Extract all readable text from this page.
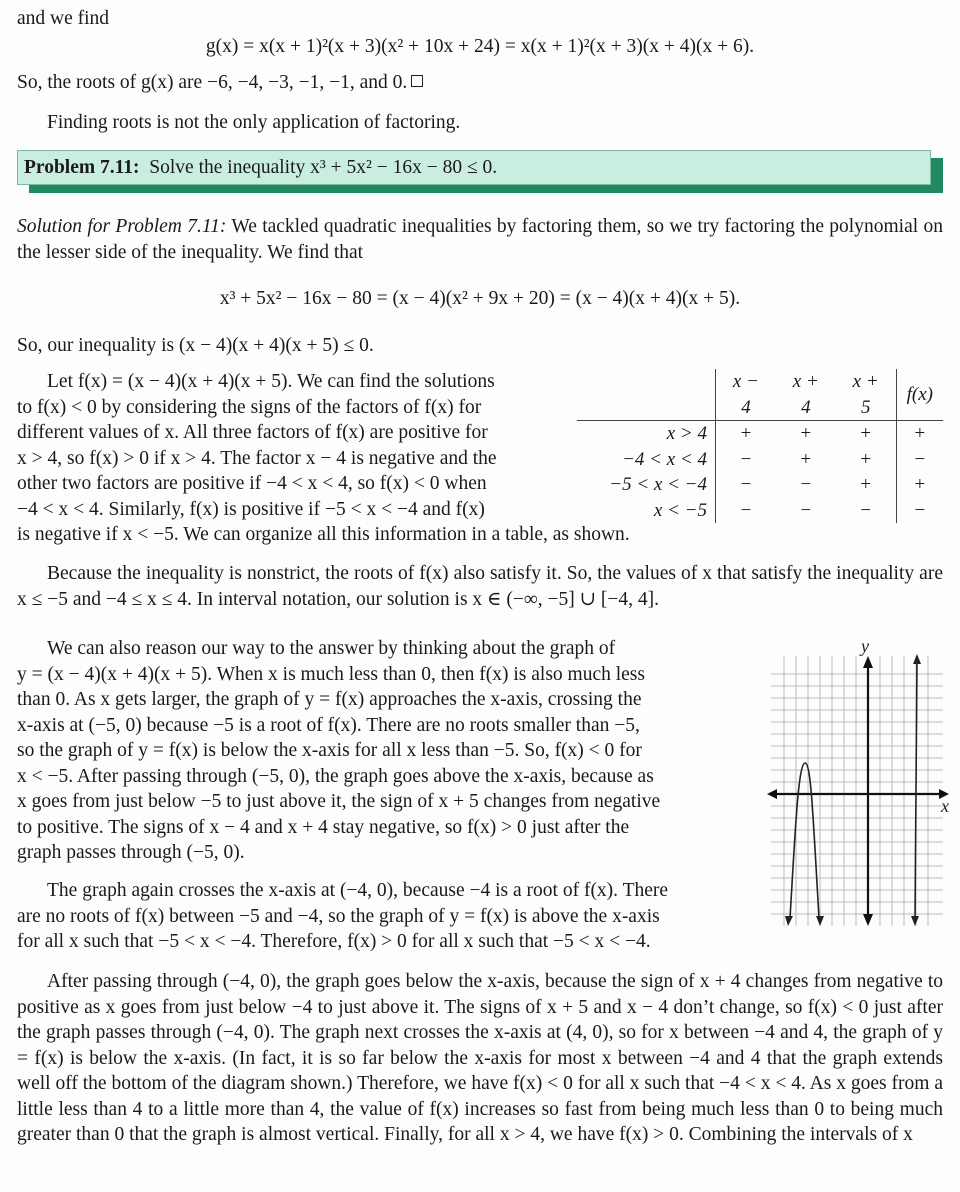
and we find

g(x) = x(x + 1)²(x + 3)(x² + 10x + 24) = x(x + 1)²(x + 3)(x + 4)(x + 6).

So, the roots of g(x) are −6, −4, −3, −1, −1, and 0.

Finding roots is not the only application of factoring.

Problem 7.11: Solve the inequality x³ + 5x² − 16x − 80 ≤ 0.

Solution for Problem 7.11: We tackled quadratic inequalities by factoring them, so we try factoring the polynomial on the lesser side of the inequality. We find that

x³ + 5x² − 16x − 80 = (x − 4)(x² + 9x + 20) = (x − 4)(x + 4)(x + 5).

So, our inequality is (x − 4)(x + 4)(x + 5) ≤ 0.

Let f(x) = (x − 4)(x + 4)(x + 5). We can find the solutions
to f(x) < 0 by considering the signs of the factors of f(x) for
different values of x. All three factors of f(x) are positive for
x > 4, so f(x) > 0 if x > 4. The factor x − 4 is negative and the
other two factors are positive if −4 < x < 4, so f(x) < 0 when
−4 < x < 4. Similarly, f(x) is positive if −5 < x < −4 and f(x)
is negative if x < −5. We can organize all this information in a table, as shown.
	x − 4	x + 4	x + 5	f(x)
x > 4	+	+	+	+
−4 < x < 4	−	+	+	−
−5 < x < −4	−	−	+	+
x < −5	−	−	−	−

Because the inequality is nonstrict, the roots of f(x) also satisfy it. So, the values of x that satisfy the inequality are x ≤ −5 and −4 ≤ x ≤ 4. In interval notation, our solution is x ∈ (−∞, −5] ∪ [−4, 4].

We can also reason our way to the answer by thinking about the graph of
y = (x − 4)(x + 4)(x + 5). When x is much less than 0, then f(x) is also much less
than 0. As x gets larger, the graph of y = f(x) approaches the x-axis, crossing the
x-axis at (−5, 0) because −5 is a root of f(x). There are no roots smaller than −5,
so the graph of y = f(x) is below the x-axis for all x less than −5. So, f(x) < 0 for
x < −5. After passing through (−5, 0), the graph goes above the x-axis, because as
x goes from just below −5 to just above it, the sign of x + 5 changes from negative
to positive. The signs of x − 4 and x + 4 stay negative, so f(x) > 0 just after the
graph passes through (−5, 0).
The graph again crosses the x-axis at (−4, 0), because −4 is a root of f(x). There
are no roots of f(x) between −5 and −4, so the graph of y = f(x) is above the x-axis
for all x such that −5 < x < −4. Therefore, f(x) > 0 for all x such that −5 < x < −4.

After passing through (−4, 0), the graph goes below the x-axis, because the sign of x + 4 changes from negative to positive as x goes from just below −4 to just above it. The signs of x + 5 and x − 4 don’t change, so f(x) < 0 just after the graph passes through (−4, 0). The graph next crosses the x-axis at (4, 0), so for x between −4 and 4, the graph of y = f(x) is below the x-axis. (In fact, it is so far below the x-axis for most x between −4 and 4 that the graph extends well off the bottom of the diagram shown.) Therefore, we have f(x) < 0 for all x such that −4 < x < 4. As x goes from a little less than 4 to a little more than 4, the value of f(x) increases so fast from being much less than 0 to being much greater than 0 that the graph is almost vertical. Finally, for all x > 4, we have f(x) > 0. Combining the intervals of x

y
x
